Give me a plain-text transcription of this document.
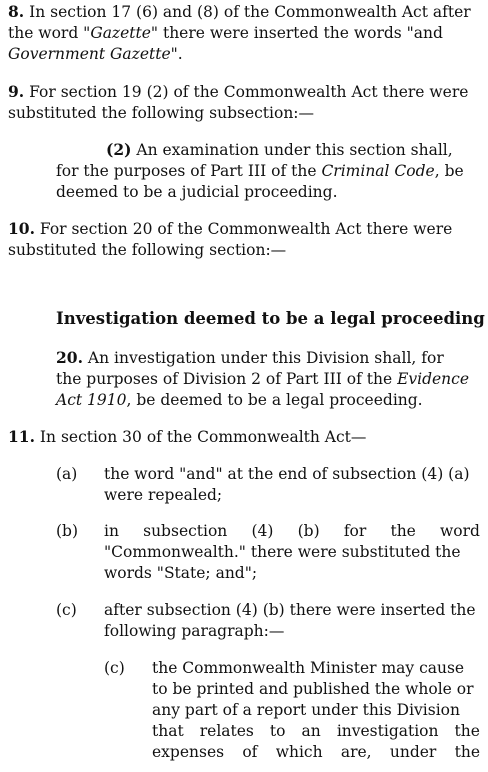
8. In section 17 (6) and (8) of the Commonwealth Act after
the word "Gazette" there were inserted the words "and
Government Gazette".
9. For section 19 (2) of the Commonwealth Act there were
substituted the following subsection:—
(2) An examination under this section shall,
for the purposes of Part III of the Criminal Code, be
deemed to be a judicial proceeding.
10. For section 20 of the Commonwealth Act there were
substituted the following section:—
Investigation deemed to be a legal proceeding
20. An investigation under this Division shall, for
the purposes of Division 2 of Part III of the Evidence
Act 1910, be deemed to be a legal proceeding.
11. In section 30 of the Commonwealth Act—
(a) the word "and" at the end of subsection (4) (a)
were repealed;
(b) in subsection (4) (b) for the word
"Commonwealth." there were substituted the
words "State; and";
(c) after subsection (4) (b) there were inserted the
following paragraph:—
(c) the Commonwealth Minister may cause
to be printed and published the whole or
any part of a report under this Division
that relates to an investigation the
expenses of which are, under the
